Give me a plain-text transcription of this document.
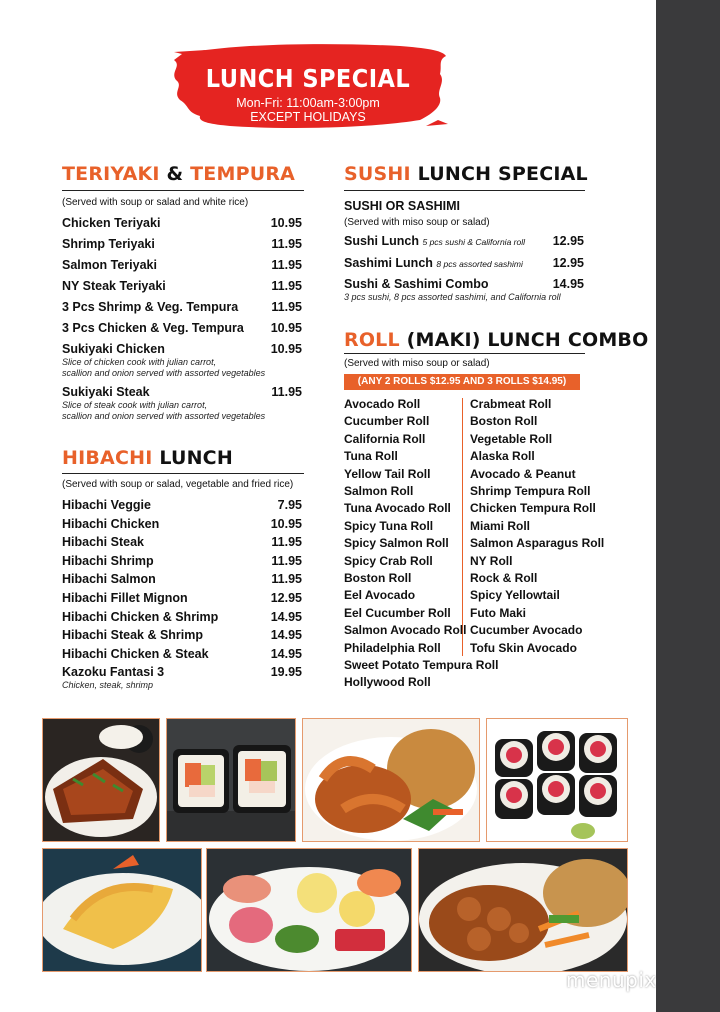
LUNCH SPECIAL
Mon-Fri: 11:00am-3:00pm
EXCEPT HOLIDAYS
TERIYAKI & TEMPURA
(Served with soup or salad and white rice)
Chicken Teriyaki	10.95
Shrimp Teriyaki	11.95
Salmon Teriyaki	11.95
NY Steak Teriyaki	11.95
3 Pcs Shrimp & Veg. Tempura	11.95
3 Pcs Chicken & Veg. Tempura	10.95
Sukiyaki Chicken	10.95
Slice of chicken cook with julian carrot,
scallion and onion served with assorted vegetables
Sukiyaki Steak	11.95
Slice of steak cook with julian carrot,
scallion and onion served with assorted vegetables
HIBACHI LUNCH
(Served with soup or salad, vegetable and fried rice)
Hibachi Veggie	7.95
Hibachi Chicken	10.95
Hibachi Steak	11.95
Hibachi Shrimp	11.95
Hibachi Salmon	11.95
Hibachi Fillet Mignon	12.95
Hibachi Chicken & Shrimp	14.95
Hibachi Steak & Shrimp	14.95
Hibachi Chicken & Steak	14.95
Kazoku Fantasi 3	19.95
Chicken, steak, shrimp
SUSHI LUNCH SPECIAL
SUSHI OR SASHIMI
(Served with miso soup or salad)
Sushi Lunch 5 pcs sushi & California roll	12.95
Sashimi Lunch 8 pcs assorted sashimi	12.95
Sushi & Sashimi Combo	14.95
3 pcs sushi, 8 pcs assorted sashimi, and California roll
ROLL (MAKI) LUNCH COMBO
(Served with miso soup or salad)
(ANY 2 ROLLS $12.95 AND 3 ROLLS $14.95)
Avocado Roll
Cucumber Roll
California Roll
Tuna Roll
Yellow Tail Roll
Salmon Roll
Tuna Avocado Roll
Spicy Tuna Roll
Spicy Salmon Roll
Spicy Crab Roll
Boston Roll
Eel Avocado
Eel Cucumber Roll
Salmon Avocado Roll
Philadelphia Roll
Crabmeat Roll
Boston Roll
Vegetable Roll
Alaska Roll
Avocado & Peanut
Shrimp Tempura Roll
Chicken Tempura Roll
Miami Roll
Salmon Asparagus Roll
NY Roll
Rock & Roll
Spicy Yellowtail
Futo Maki
Cucumber Avocado
Tofu Skin Avocado
Sweet Potato Tempura Roll
Hollywood Roll
menupix
